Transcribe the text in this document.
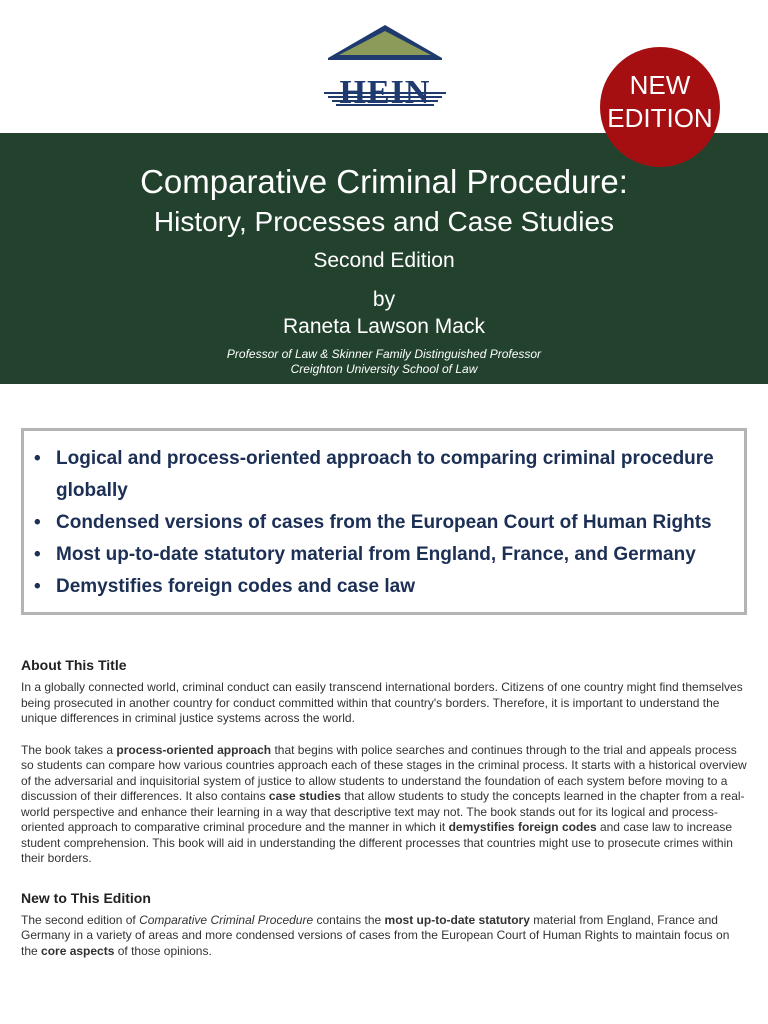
HEIN	NEW
EDITION
Comparative Criminal Procedure:
History, Processes and Case Studies
Second Edition
by
Raneta Lawson Mack
Professor of Law & Skinner Family Distinguished Professor
Creighton University School of Law
• Logical and process-oriented approach to comparing criminal procedure globally
• Condensed versions of cases from the European Court of Human Rights
• Most up-to-date statutory material from England, France, and Germany
• Demystifies foreign codes and case law
About This Title

In a globally connected world, criminal conduct can easily transcend international borders. Citizens of one country might find themselves being prosecuted in another country for conduct committed within that country's borders. Therefore, it is important to understand the unique differences in criminal justice systems across the world.

The book takes a process-oriented approach that begins with police searches and continues through to the trial and appeals process so students can compare how various countries approach each of these stages in the criminal process. It starts with a historical overview of the adversarial and inquisitorial system of justice to allow students to understand the foundation of each system before moving to a discussion of their differences. It also contains case studies that allow students to study the concepts learned in the chapter from a real-world perspective and enhance their learning in a way that descriptive text may not. The book stands out for its logical and process-oriented approach to comparative criminal procedure and the manner in which it demystifies foreign codes and case law to increase student comprehension. This book will aid in understanding the different processes that countries might use to prosecute crimes within their borders.

New to This Edition

The second edition of Comparative Criminal Procedure contains the most up-to-date statutory material from England, France and Germany in a variety of areas and more condensed versions of cases from the European Court of Human Rights to maintain focus on the core aspects of those opinions.
